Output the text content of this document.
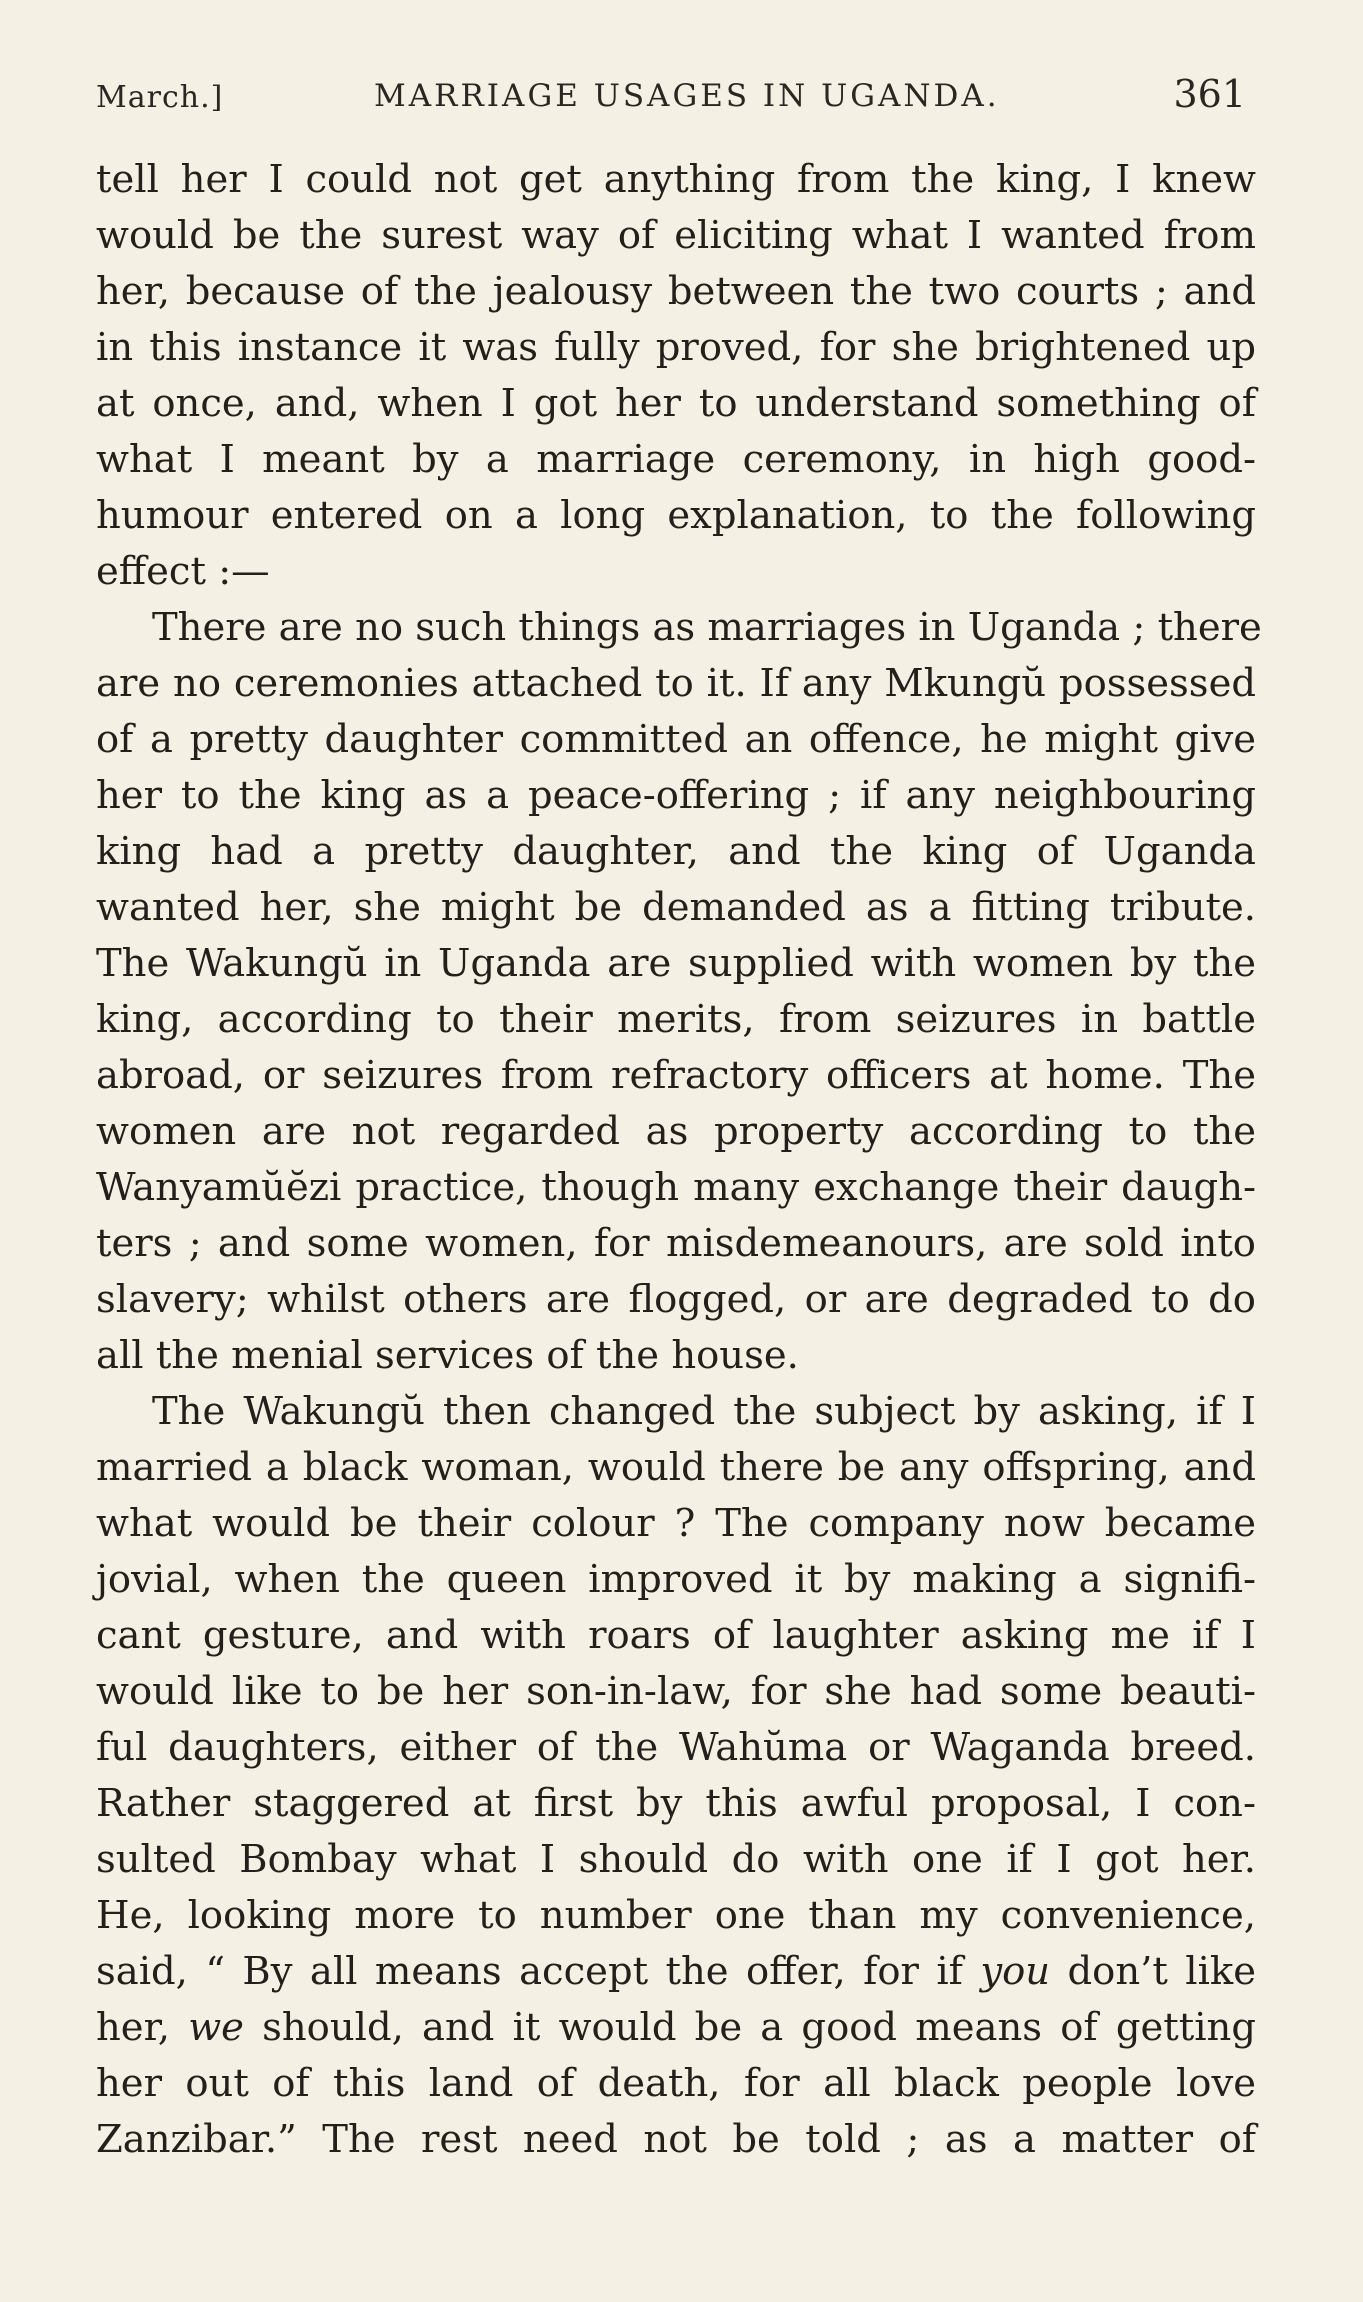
March.]	MARRIAGE USAGES IN UGANDA.	361
tell her I could not get anything from the king, I knew
would be the surest way of eliciting what I wanted from
her, because of the jealousy between the two courts ; and
in this instance it was fully proved, for she brightened up
at once, and, when I got her to understand something of
what I meant by a marriage ceremony, in high good-
humour entered on a long explanation, to the following
effect :—
There are no such things as marriages in Uganda ; there
are no ceremonies attached to it. If any Mkungŭ possessed
of a pretty daughter committed an offence, he might give
her to the king as a peace-offering ; if any neighbouring
king had a pretty daughter, and the king of Uganda
wanted her, she might be demanded as a fitting tribute.
The Wakungŭ in Uganda are supplied with women by the
king, according to their merits, from seizures in battle
abroad, or seizures from refractory officers at home. The
women are not regarded as property according to the
Wanyamŭĕzi practice, though many exchange their daugh-
ters ; and some women, for misdemeanours, are sold into
slavery; whilst others are flogged, or are degraded to do
all the menial services of the house.
The Wakungŭ then changed the subject by asking, if I
married a black woman, would there be any offspring, and
what would be their colour ? The company now became
jovial, when the queen improved it by making a signifi-
cant gesture, and with roars of laughter asking me if I
would like to be her son-in-law, for she had some beauti-
ful daughters, either of the Wahŭma or Waganda breed.
Rather staggered at first by this awful proposal, I con-
sulted Bombay what I should do with one if I got her.
He, looking more to number one than my convenience,
said, “ By all means accept the offer, for if you don’t like
her, we should, and it would be a good means of getting
her out of this land of death, for all black people love
Zanzibar.” The rest need not be told ; as a matter of
